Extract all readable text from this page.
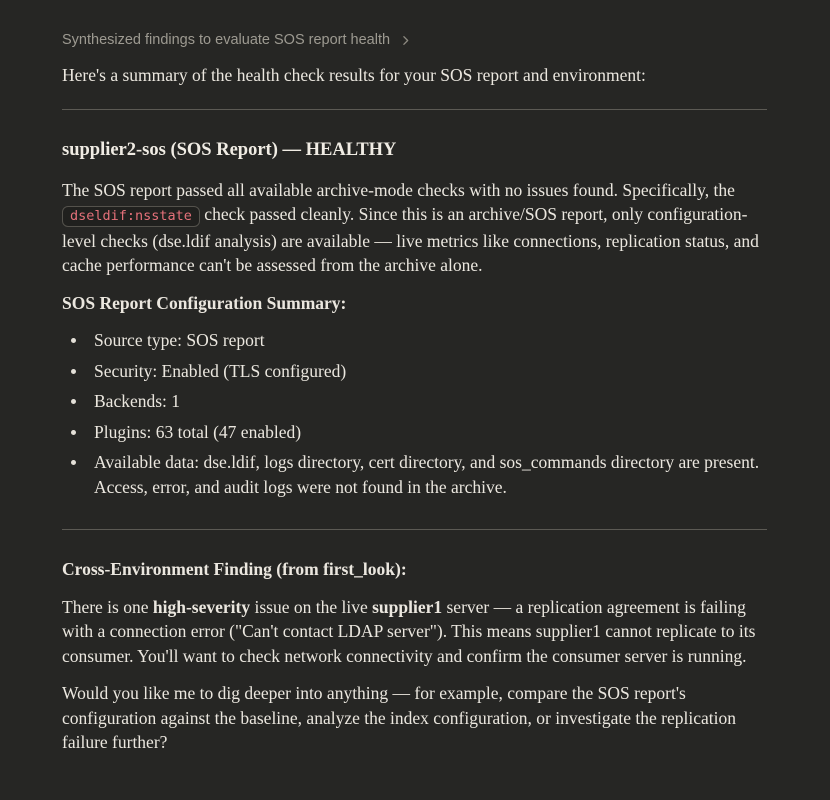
Synthesized findings to evaluate SOS report health

Here's a summary of the health check results for your SOS report and environment:

supplier2-sos (SOS Report) — HEALTHY

The SOS report passed all available archive-mode checks with no issues found. Specifically, the dseldif:nsstate check passed cleanly. Since this is an archive/SOS report, only configuration-level checks (dse.ldif analysis) are available — live metrics like connections, replication status, and cache performance can't be assessed from the archive alone.

SOS Report Configuration Summary:

Source type: SOS report
Security: Enabled (TLS configured)
Backends: 1
Plugins: 63 total (47 enabled)
Available data: dse.ldif, logs directory, cert directory, and sos_commands directory are present. Access, error, and audit logs were not found in the archive.

Cross-Environment Finding (from first_look):

There is one high-severity issue on the live supplier1 server — a replication agreement is failing with a connection error ("Can't contact LDAP server"). This means supplier1 cannot replicate to its consumer. You'll want to check network connectivity and confirm the consumer server is running.

Would you like me to dig deeper into anything — for example, compare the SOS report's configuration against the baseline, analyze the index configuration, or investigate the replication failure further?
